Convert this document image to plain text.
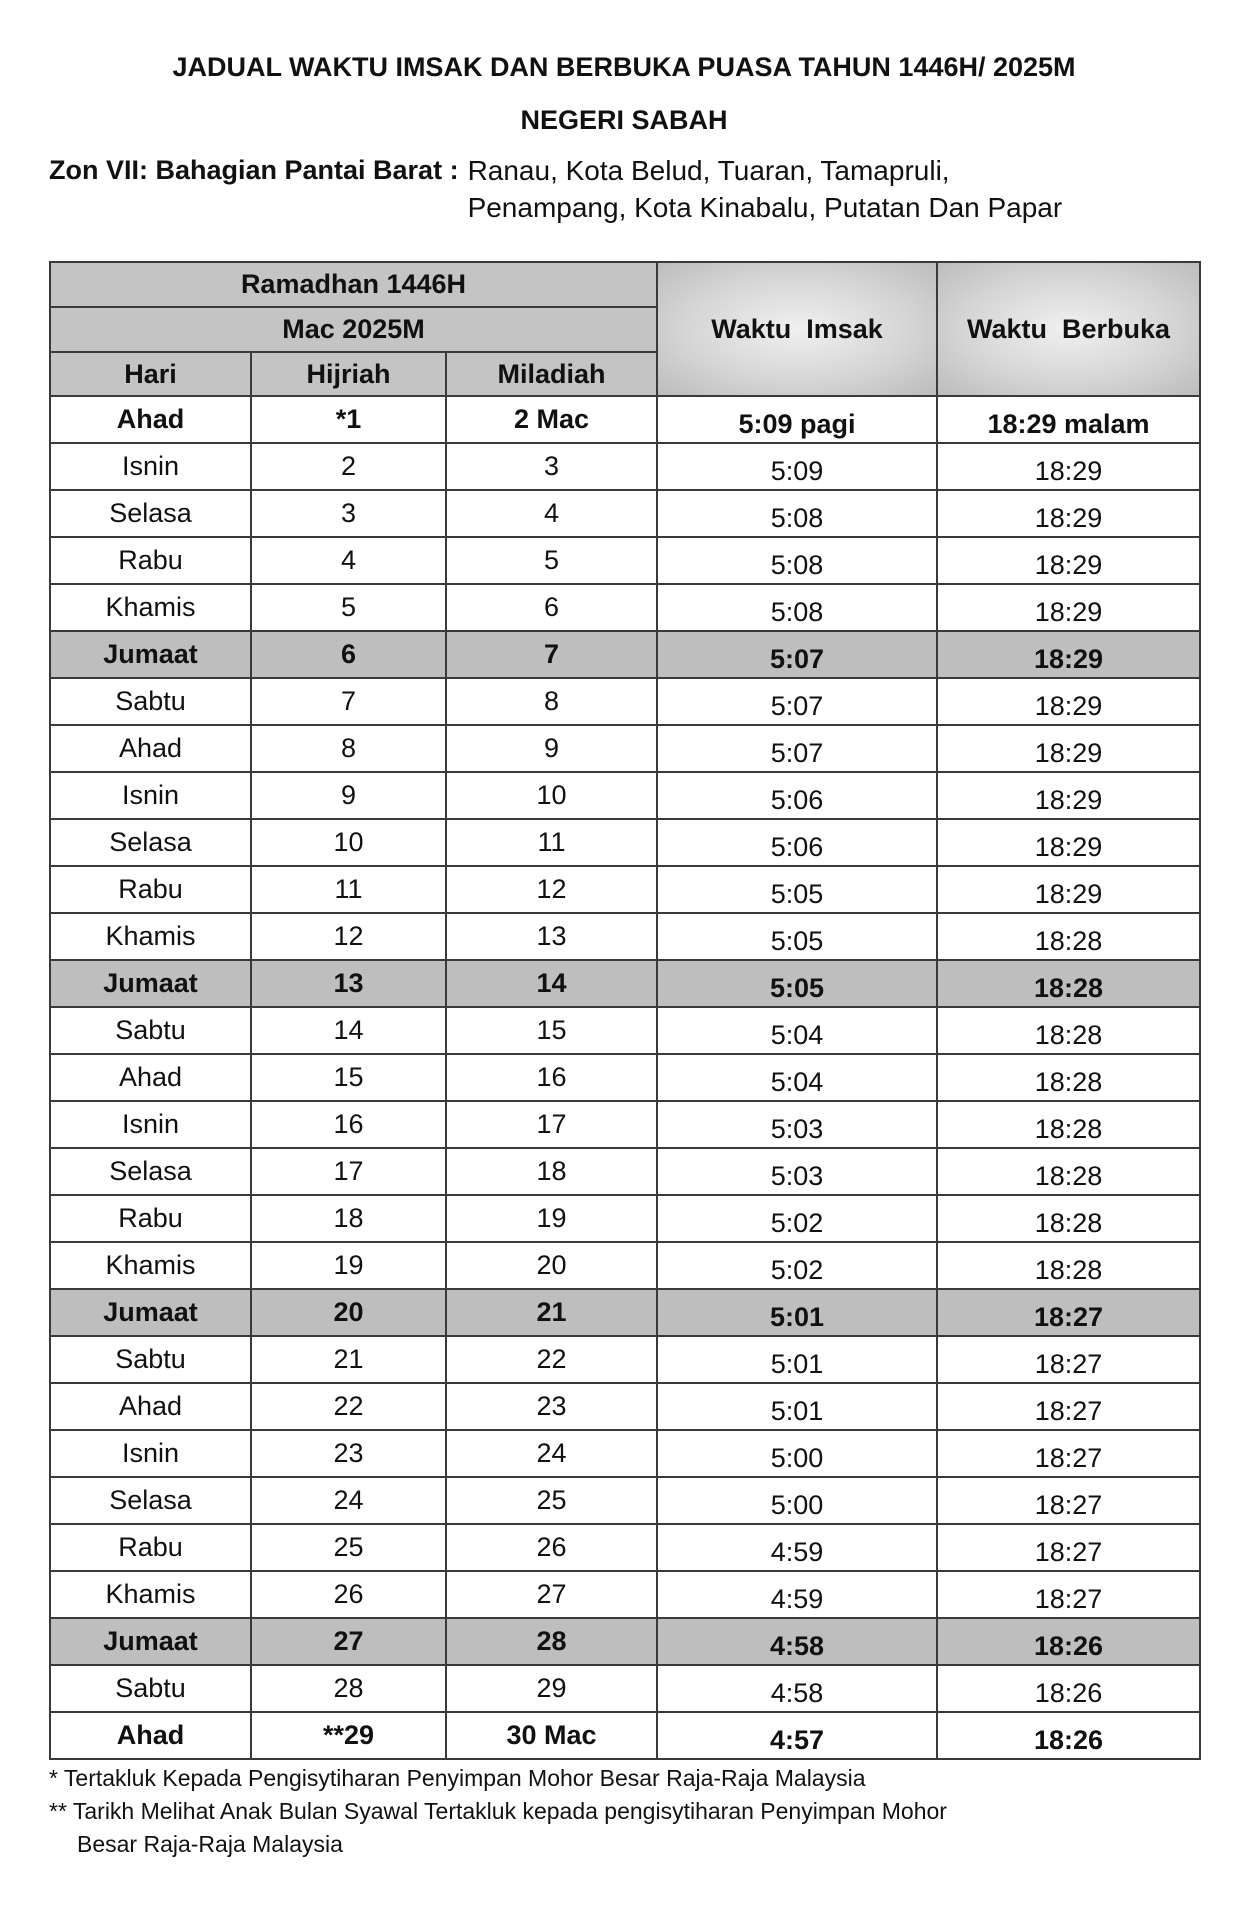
JADUAL WAKTU IMSAK DAN BERBUKA PUASA TAHUN 1446H/ 2025M
NEGERI SABAH
Zon VII: Bahagian Pantai Barat : Ranau, Kota Belud, Tuaran, Tamapruli,
Penampang, Kota Kinabalu, Putatan Dan Papar
Ramadhan 1446H			Waktu  Imsak	Waktu  Berbuka
Mac 2025M				
Hari	Hijriah	Miladiah		
Ahad	*1	2 Mac	5:09 pagi	18:29 malam
Isnin	2	3	5:09	18:29
Selasa	3	4	5:08	18:29
Rabu	4	5	5:08	18:29
Khamis	5	6	5:08	18:29
Jumaat	6	7	5:07	18:29
Sabtu	7	8	5:07	18:29
Ahad	8	9	5:07	18:29
Isnin	9	10	5:06	18:29
Selasa	10	11	5:06	18:29
Rabu	11	12	5:05	18:29
Khamis	12	13	5:05	18:28
Jumaat	13	14	5:05	18:28
Sabtu	14	15	5:04	18:28
Ahad	15	16	5:04	18:28
Isnin	16	17	5:03	18:28
Selasa	17	18	5:03	18:28
Rabu	18	19	5:02	18:28
Khamis	19	20	5:02	18:28
Jumaat	20	21	5:01	18:27
Sabtu	21	22	5:01	18:27
Ahad	22	23	5:01	18:27
Isnin	23	24	5:00	18:27
Selasa	24	25	5:00	18:27
Rabu	25	26	4:59	18:27
Khamis	26	27	4:59	18:27
Jumaat	27	28	4:58	18:26
Sabtu	28	29	4:58	18:26
Ahad	**29	30 Mac	4:57	18:26
* Tertakluk Kepada Pengisytiharan Penyimpan Mohor Besar Raja-Raja Malaysia
** Tarikh Melihat Anak Bulan Syawal Tertakluk kepada pengisytiharan Penyimpan Mohor
Besar Raja-Raja Malaysia
